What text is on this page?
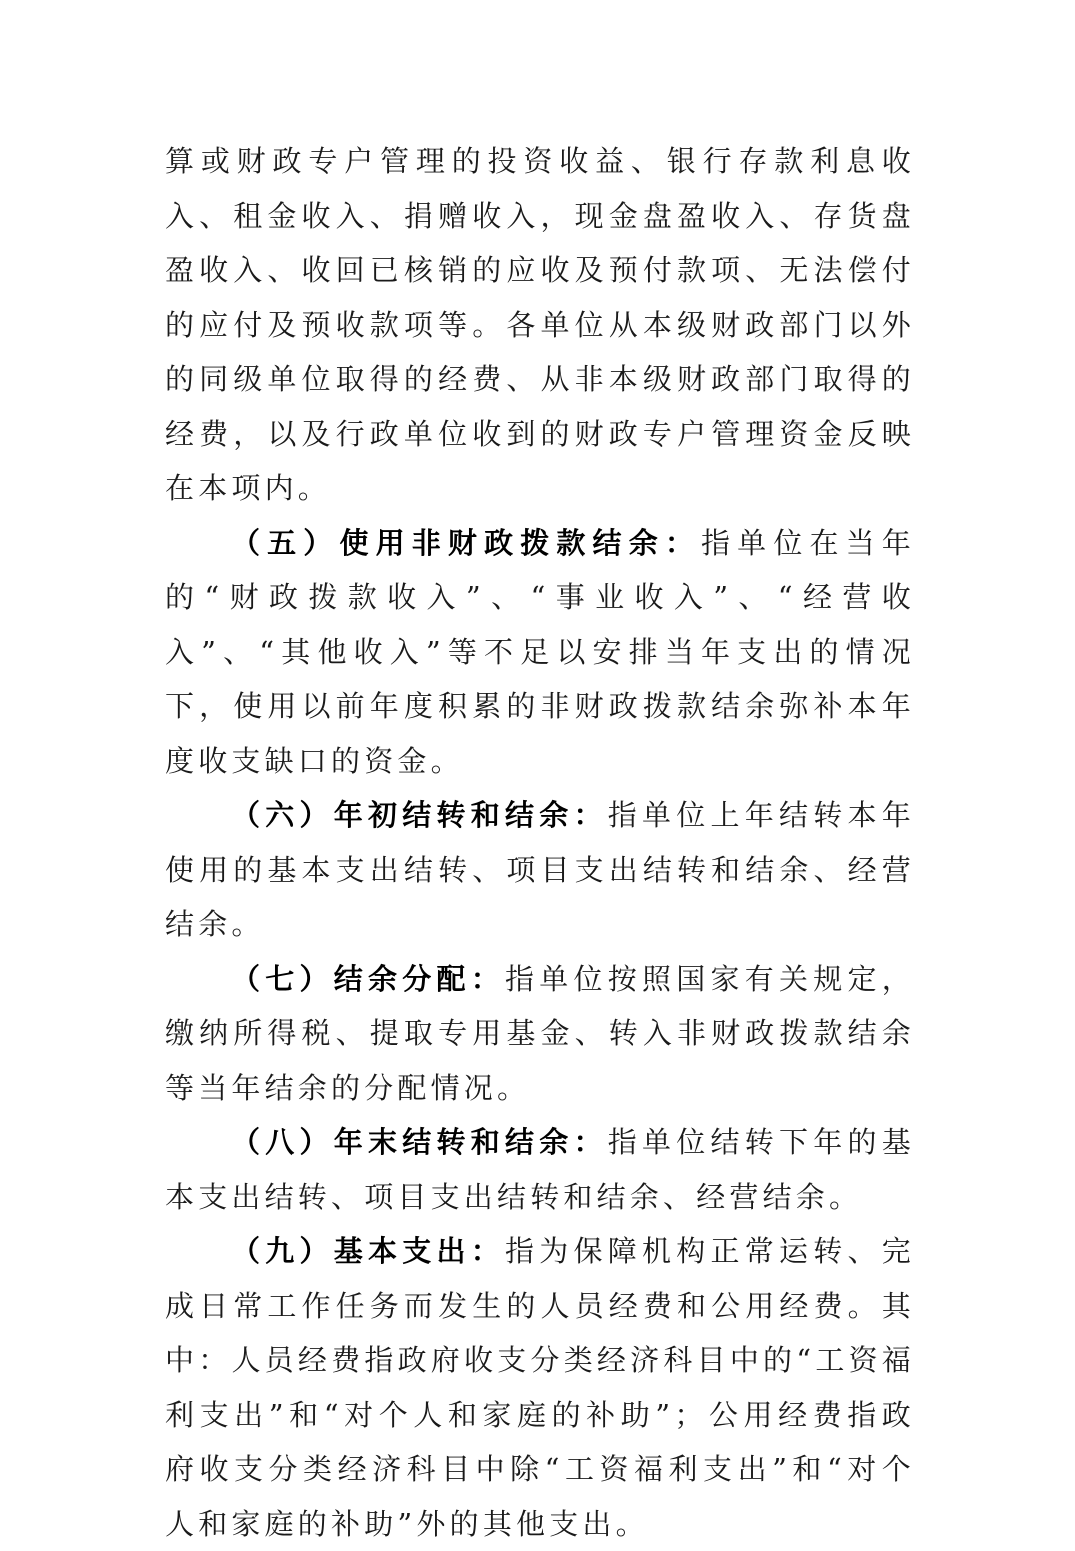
算或财政专户管理的投资收益、银行存款利息收入、租金收入、捐赠收入，现金盘盈收入、存货盘盈收入、收回已核销的应收及预付款项、无法偿付的应付及预收款项等。各单位从本级财政部门以外的同级单位取得的经费、从非本级财政部门取得的经费，以及行政单位收到的财政专户管理资金反映在本项内。

（五）使用非财政拨款结余：指单位在当年的“财政拨款收入”、“事业收入”、“经营收入”、“其他收入”等不足以安排当年支出的情况下，使用以前年度积累的非财政拨款结余弥补本年度收支缺口的资金。

（六）年初结转和结余：指单位上年结转本年使用的基本支出结转、项目支出结转和结余、经营结余。

（七）结余分配：指单位按照国家有关规定，缴纳所得税、提取专用基金、转入非财政拨款结余等当年结余的分配情况。

（八）年末结转和结余：指单位结转下年的基本支出结转、项目支出结转和结余、经营结余。

（九）基本支出：指为保障机构正常运转、完成日常工作任务而发生的人员经费和公用经费。其中：人员经费指政府收支分类经济科目中的“工资福利支出”和“对个人和家庭的补助”；公用经费指政府收支分类经济科目中除“工资福利支出”和“对个人和家庭的补助”外的其他支出。
